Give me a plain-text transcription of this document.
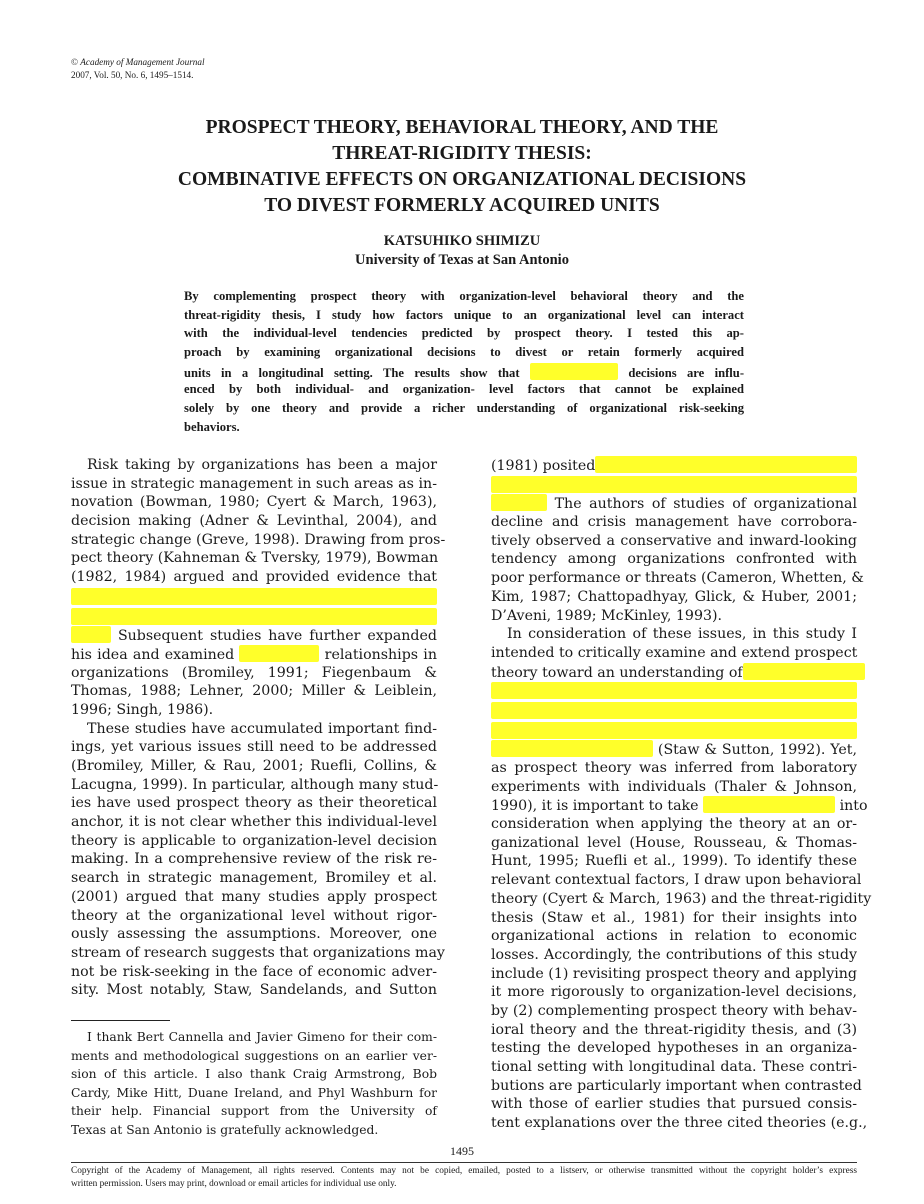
© Academy of Management Journal
2007, Vol. 50, No. 6, 1495–1514.
PROSPECT THEORY, BEHAVIORAL THEORY, AND THE
THREAT-RIGIDITY THESIS:
COMBINATIVE EFFECTS ON ORGANIZATIONAL DECISIONS
TO DIVEST FORMERLY ACQUIRED UNITS
KATSUHIKO SHIMIZU
University of Texas at San Antonio
By complementing prospect theory with organization-level behavioral theory and the
threat-rigidity thesis, I study how factors unique to an organizational level can interact
with the individual-level tendencies predicted by prospect theory. I tested this ap-
proach by examining organizational decisions to divest or retain formerly acquired
units in a longitudinal setting. The results show that	decisions are influ-
enced by both individual- and organization- level factors that cannot be explained
solely by one theory and provide a richer understanding of organizational risk-seeking
behaviors.
Risk taking by organizations has been a major
issue in strategic management in such areas as in-
novation (Bowman, 1980; Cyert & March, 1963),
decision making (Adner & Levinthal, 2004), and
strategic change (Greve, 1998). Drawing from pros-
pect theory (Kahneman & Tversky, 1979), Bowman
(1982, 1984) argued and provided evidence that
Subsequent studies have further expanded
his idea and examined	relationships in
organizations (Bromiley, 1991; Fiegenbaum &
Thomas, 1988; Lehner, 2000; Miller & Leiblein,
1996; Singh, 1986).
These studies have accumulated important find-
ings, yet various issues still need to be addressed
(Bromiley, Miller, & Rau, 2001; Ruefli, Collins, &
Lacugna, 1999). In particular, although many stud-
ies have used prospect theory as their theoretical
anchor, it is not clear whether this individual-level
theory is applicable to organization-level decision
making. In a comprehensive review of the risk re-
search in strategic management, Bromiley et al.
(2001) argued that many studies apply prospect
theory at the organizational level without rigor-
ously assessing the assumptions. Moreover, one
stream of research suggests that organizations may
not be risk-seeking in the face of economic adver-
sity. Most notably, Staw, Sandelands, and Sutton
(1981) posited
The authors of studies of organizational
decline and crisis management have corrobora-
tively observed a conservative and inward-looking
tendency among organizations confronted with
poor performance or threats (Cameron, Whetten, &
Kim, 1987; Chattopadhyay, Glick, & Huber, 2001;
D’Aveni, 1989; McKinley, 1993).
In consideration of these issues, in this study I
intended to critically examine and extend prospect
theory toward an understanding of
(Staw & Sutton, 1992). Yet,
as prospect theory was inferred from laboratory
experiments with individuals (Thaler & Johnson,
1990), it is important to take	into
consideration when applying the theory at an or-
ganizational level (House, Rousseau, & Thomas-
Hunt, 1995; Ruefli et al., 1999). To identify these
relevant contextual factors, I draw upon behavioral
theory (Cyert & March, 1963) and the threat-rigidity
thesis (Staw et al., 1981) for their insights into
organizational actions in relation to economic
losses. Accordingly, the contributions of this study
include (1) revisiting prospect theory and applying
it more rigorously to organization-level decisions,
by (2) complementing prospect theory with behav-
ioral theory and the threat-rigidity thesis, and (3)
testing the developed hypotheses in an organiza-
tional setting with longitudinal data. These contri-
butions are particularly important when contrasted
with those of earlier studies that pursued consis-
tent explanations over the three cited theories (e.g.,
I thank Bert Cannella and Javier Gimeno for their com-
ments and methodological suggestions on an earlier ver-
sion of this article. I also thank Craig Armstrong, Bob
Cardy, Mike Hitt, Duane Ireland, and Phyl Washburn for
their help. Financial support from the University of
Texas at San Antonio is gratefully acknowledged.
1495
Copyright of the Academy of Management, all rights reserved. Contents may not be copied, emailed, posted to a listserv, or otherwise transmitted without the copyright holder’s express
written permission. Users may print, download or email articles for individual use only.
